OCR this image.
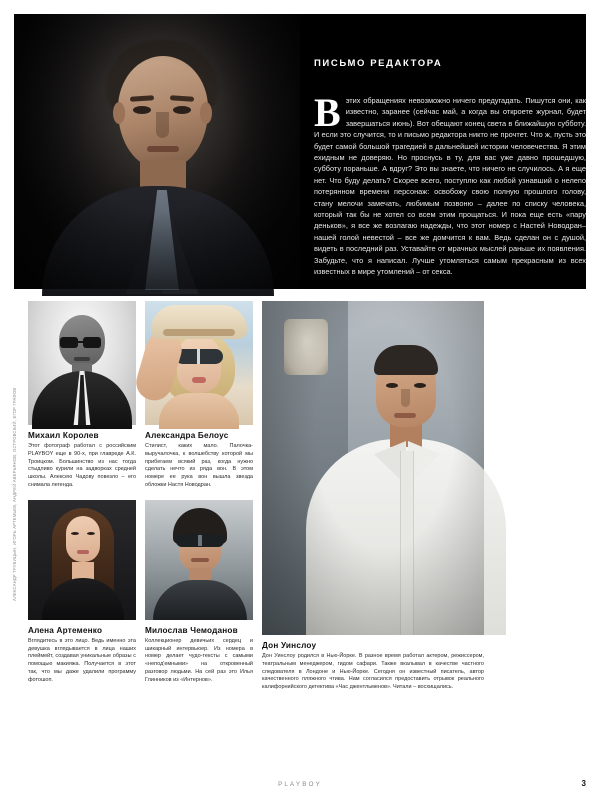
ПИСЬМО РЕДАКТОРА
Вэтих обращениях невозможно ничего предугадать. Пишутся они, как известно, заранее (сейчас май, а когда вы откроете журнал, будет завершаться июнь). Вот обещают конец света в ближайшую субботу. И если это случится, то и письмо редактора никто не прочтет. Что ж, пусть это будет самой большой трагедией в дальнейшей истории человечества. Я этим ехидным не доверяю. Но проснусь в ту, для вас уже давно прошедшую, субботу пораньше. А вдруг? Это вы знаете, что ничего не случилось. А я еще нет. Что буду делать? Скорее всего, поступлю как любой узнавший о нелепо потерянном времени персонаж: освобожу свою полную прошлого голову, стану мелочи замечать, любимым позвоню – далее по списку человека, который так бы не хотел со всем этим прощаться. И пока еще есть «пару деньков», я все же возлагаю надежды, что этот номер с Настей Новодран– нашей голой невестой – все же домчится к вам. Ведь сделан он с душой, видеть в последний раз. Уставайте от мрачных мыслей раньше их появления. Забудьте, что я написал. Лучше утомляться самым прекрасным из всех известных в мире утомлений – от секса.
ВЛАД ИВАНЕНКО
АЛЕКСАНДР ТРУБИЦЫН, ИГОРЬ АРТЕМЬЕВ, АНДРЕЙ АВЕРЬЯНОВ, ОСТРОВСКИЙ, ЕГОР ГРАФОВ Михаил Королев
Этот фотограф работал с российским PLAYBOY еще в 90-х, при главреде А.К. Троицком. Большинство из нас тогда стыдливо курили на задворках средней школы. Алексею Чадову повезло – его снимала легенда.
Алена Артеменко
Вглядитесь в это лицо. Ведь именно эта девушка вглядывается в лица наших плеймейт, создавая уникальные образы с помощью макияжа. Получается в этот так, что мы даже удалили программу фотошоп.
Александра Белоус
Стилист, каких мало. Палочка-выручалочка, к волшебству которой мы прибегаем всякий раз, когда нужно сделать нечто из ряда вон. В этом номере ее рука вон вышла звезда обложки Настя Новодран.
Милослав Чемоданов
Коллекционер девичьих сердец и шикарный интервьюер. Из номера в номер делает чудо-тексты с самыми «непод'емными» на откровенный разговор людьми. На сей раз это Илья Глинников из «Интернов».
Дон Уинслоу
Дон Уинслоу родился в Нью-Йорке. В разное время работал актером, режиссером, театральным менеджером, гидом сафари. Также вкалывал в качестве частного следователя в Лондоне и Нью-Йорке. Сегодня он известный писатель, автор качественного пляжного чтива. Нам согласился предоставить отрывок реального калифорнийского детектива «Час джентльменов». Читали – восхищались.
PLAYBOY	3
